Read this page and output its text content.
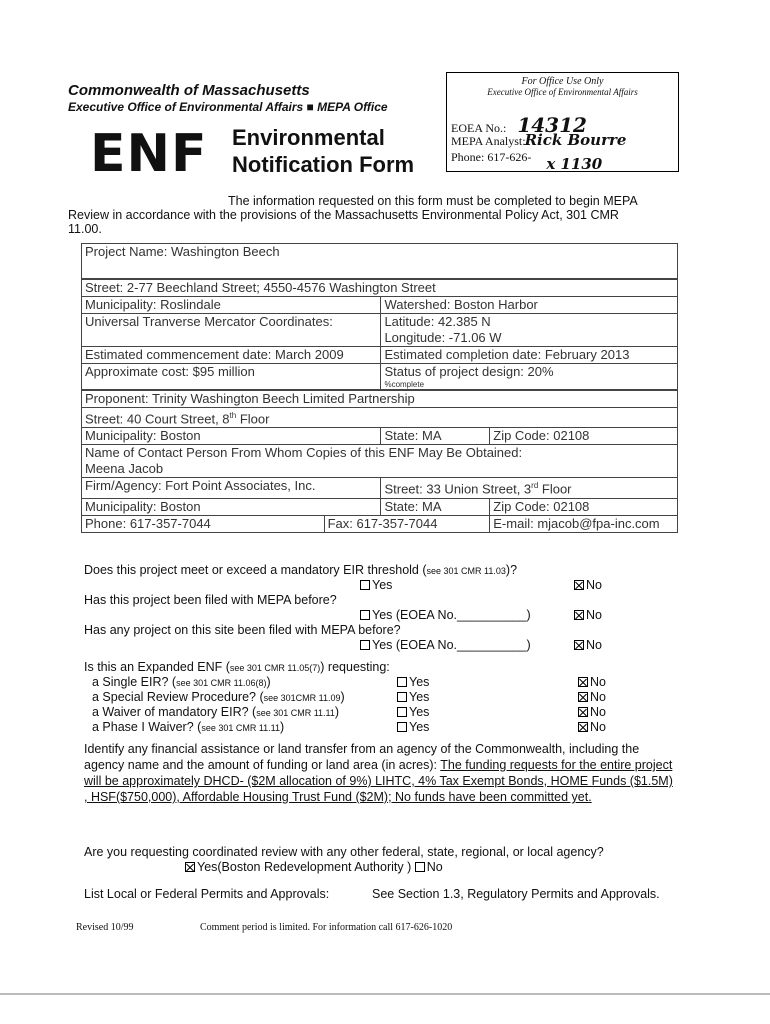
Commonwealth of Massachusetts
Executive Office of Environmental Affairs ■ MEPA Office
ENF Environmental
Notification Form
For Office Use Only
Executive Office of Environmental Affairs
EOEA No.: 14312
MEPA Analyst: Rick Bourre
Phone: 617-626- x 1130
The information requested on this form must be completed to begin MEPA
Review in accordance with the provisions of the Massachusetts Environmental Policy Act, 301 CMR
11.00.
Project Name: Washington Beech			
Street: 2-77 Beechland Street; 4550-4576 Washington Street			
Municipality: Roslindale		Watershed: Boston Harbor	
Universal Tranverse Mercator Coordinates:		Latitude: 42.385 N
Longitude: -71.06 W	

Estimated commencement date: March 2009		Estimated completion date: February 2013	
Approximate cost: $95 million		Status of project design: 20%
%complete	

Proponent: Trinity Washington Beech Limited Partnership			
Street: 40 Court Street, 8th Floor			
Municipality: Boston		State: MA	Zip Code: 02108

Name of Contact Person From Whom Copies of this ENF May Be Obtained:
Meena Jacob			

Firm/Agency: Fort Point Associates, Inc.		Street: 33 Union Street, 3rd Floor	
Municipality: Boston		State: MA	Zip Code: 02108
Phone: 617-357-7044	Fax: 617-357-7044		E-mail: mjacob@fpa-inc.com
Does this project meet or exceed a mandatory EIR threshold (see 301 CMR 11.03)?
Yes	No
Has this project been filed with MEPA before?
Yes (EOEA No.__________)	No
Has any project on this site been filed with MEPA before?
Yes (EOEA No.__________)	No
Is this an Expanded ENF (see 301 CMR 11.05(7)) requesting:
a Single EIR? (see 301 CMR 11.06(8))	Yes	No
a Special Review Procedure? (see 301CMR 11.09)	Yes	No
a Waiver of mandatory EIR? (see 301 CMR 11.11)	Yes	No
a Phase I Waiver? (see 301 CMR 11.11)	Yes	No
Identify any financial assistance or land transfer from an agency of the Commonwealth, including the agency name and the amount of funding or land area (in acres): The funding requests for the entire project will be approximately DHCD- ($2M allocation of 9%) LIHTC, 4% Tax Exempt Bonds, HOME Funds ($1.5M) , HSF($750,000), Affordable Housing Trust Fund ($2M); No funds have been committed yet.
Are you requesting coordinated review with any other federal, state, regional, or local agency?
Yes(Boston Redevelopment Authority ) No
List Local or Federal Permits and Approvals:	See Section 1.3, Regulatory Permits and Approvals.
Revised 10/99	Comment period is limited. For information call 617-626-1020
